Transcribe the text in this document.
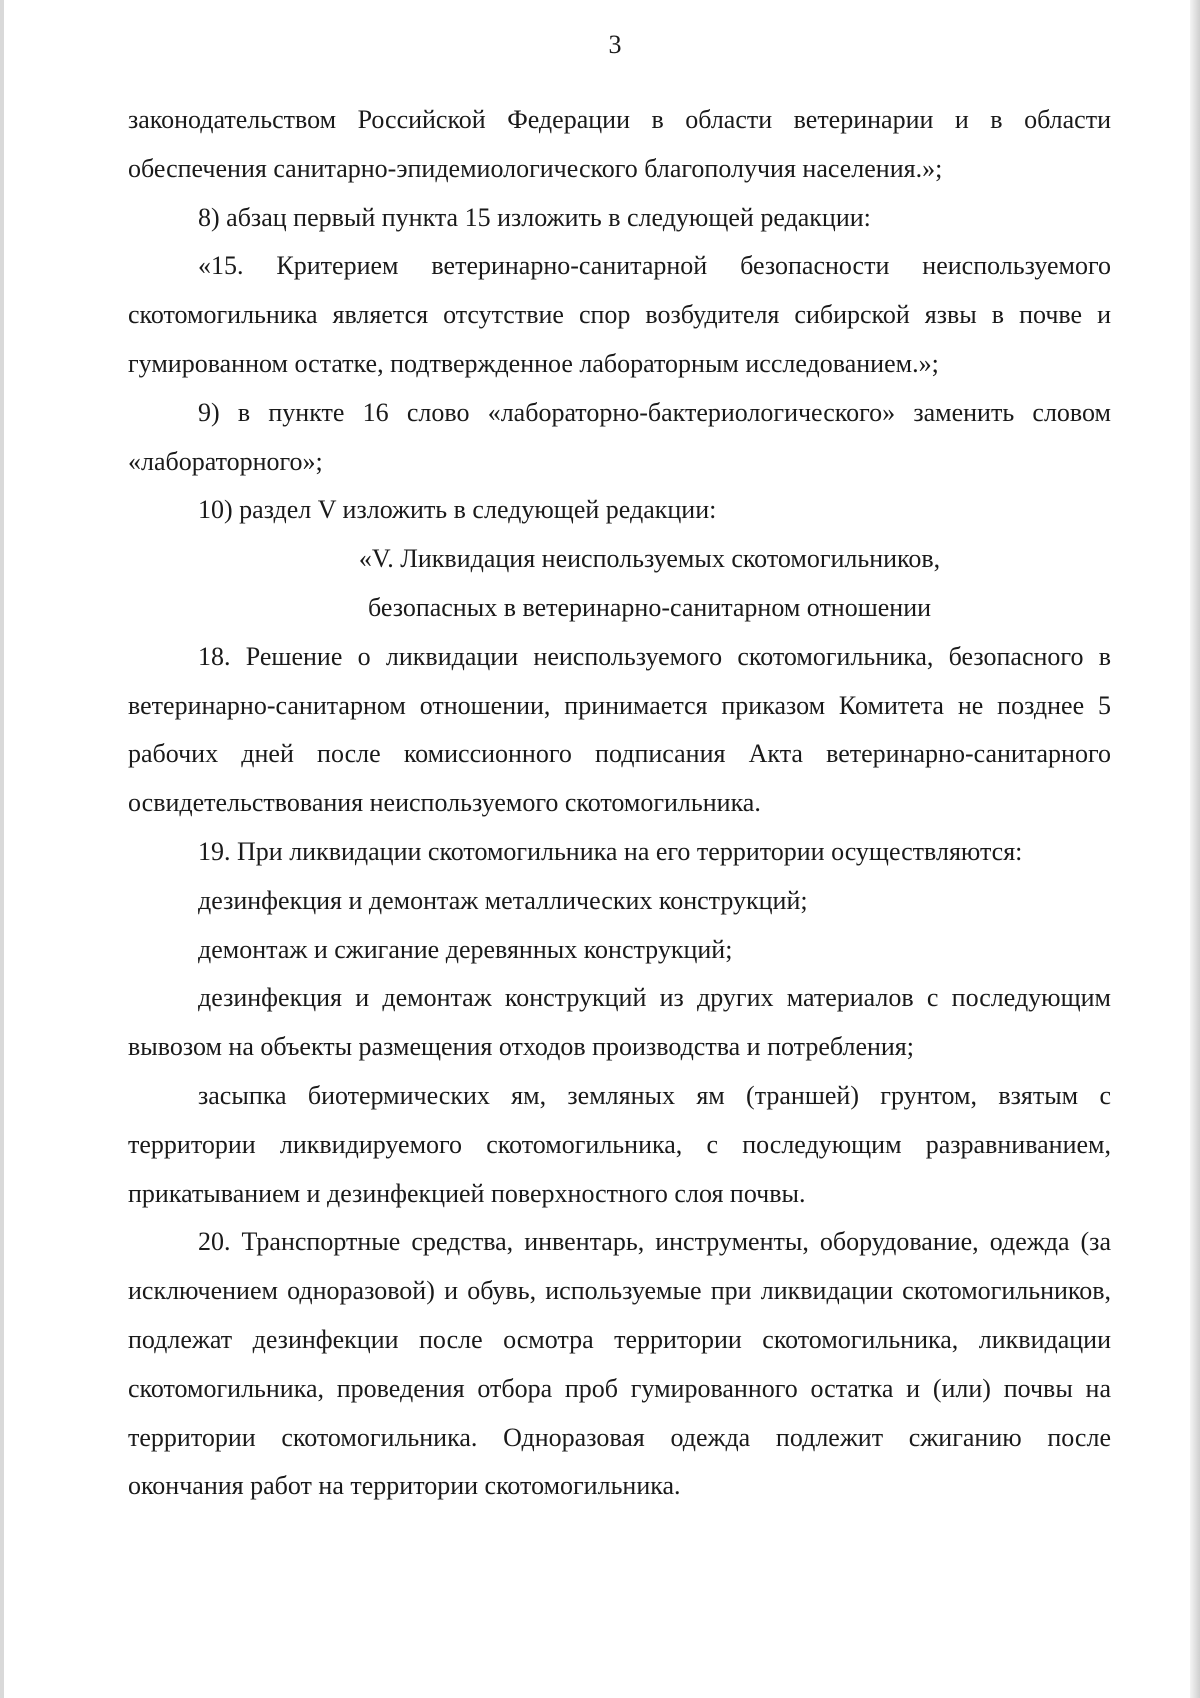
3

законодательством Российской Федерации в области ветеринарии и в области обеспечения санитарно-эпидемиологического благополучия населения.»;

8) абзац первый пункта 15 изложить в следующей редакции:

«15. Критерием ветеринарно-санитарной безопасности неиспользуемого скотомогильника является отсутствие спор возбудителя сибирской язвы в почве и гумированном остатке, подтвержденное лабораторным исследованием.»;

9) в пункте 16 слово «лабораторно-бактериологического» заменить словом «лабораторного»;

10) раздел V изложить в следующей редакции:

«V. Ликвидация неиспользуемых скотомогильников,

безопасных в ветеринарно-санитарном отношении

18. Решение о ликвидации неиспользуемого скотомогильника, безопасного в ветеринарно-санитарном отношении, принимается приказом Комитета не позднее 5 рабочих дней после комиссионного подписания Акта ветеринарно-санитарного освидетельствования неиспользуемого скотомогильника.

19. При ликвидации скотомогильника на его территории осуществляются:

дезинфекция и демонтаж металлических конструкций;

демонтаж и сжигание деревянных конструкций;

дезинфекция и демонтаж конструкций из других материалов с последующим вывозом на объекты размещения отходов производства и потребления;

засыпка биотермических ям, земляных ям (траншей) грунтом, взятым с территории ликвидируемого скотомогильника, с последующим разравниванием, прикатыванием и дезинфекцией поверхностного слоя почвы.

20. Транспортные средства, инвентарь, инструменты, оборудование, одежда (за исключением одноразовой) и обувь, используемые при ликвидации скотомогильников, подлежат дезинфекции после осмотра территории скотомогильника, ликвидации скотомогильника, проведения отбора проб гумированного остатка и (или) почвы на территории скотомогильника. Одноразовая одежда подлежит сжиганию после окончания работ на территории скотомогильника.
